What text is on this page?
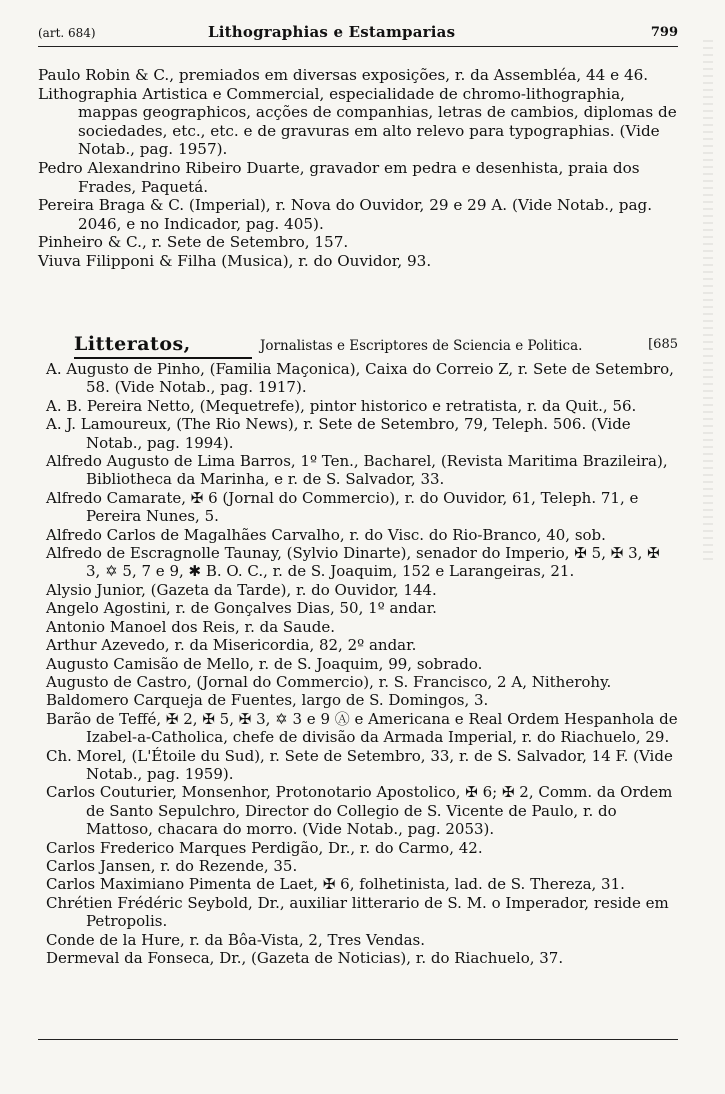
(art. 684)	Lithographias e Estamparias	799

Paulo Robin & C., premiados em diversas exposições, r. da Assembléa, 44 e 46.

Lithographia Artistica e Commercial, especialidade de chromo-lithographia, mappas geographicos, acções de companhias, letras de cambios, diplomas de sociedades, etc., etc. e de gravuras em alto relevo para typographias. (Vide Notab., pag. 1957).

Pedro Alexandrino Ribeiro Duarte, gravador em pedra e desenhista, praia dos Frades, Paquetá.

Pereira Braga & C. (Imperial), r. Nova do Ouvidor, 29 e 29 A. (Vide Notab., pag. 2046, e no Indicador, pag. 405).

Pinheiro & C., r. Sete de Setembro, 157.

Viuva Filipponi & Filha (Musica), r. do Ouvidor, 93.

Litteratos,	Jornalistas e Escriptores de Sciencia e Politica.	[685

A. Augusto de Pinho, (Familia Maçonica), Caixa do Correio Z, r. Sete de Setembro, 58. (Vide Notab., pag. 1917).

A. B. Pereira Netto, (Mequetrefe), pintor historico e retratista, r. da Quit., 56.

A. J. Lamoureux, (The Rio News), r. Sete de Setembro, 79, Teleph. 506. (Vide Notab., pag. 1994).

Alfredo Augusto de Lima Barros, 1º Ten., Bacharel, (Revista Maritima Brazileira), Bibliotheca da Marinha, e r. de S. Salvador, 33.

Alfredo Camarate, ✠ 6 (Jornal do Commercio), r. do Ouvidor, 61, Teleph. 71, e Pereira Nunes, 5.

Alfredo Carlos de Magalhães Carvalho, r. do Visc. do Rio-Branco, 40, sob.

Alfredo de Escragnolle Taunay, (Sylvio Dinarte), senador do Imperio, ✠ 5, ✠ 3, ✠ 3, ✡ 5, 7 e 9, ✱ B. O. C., r. de S. Joaquim, 152 e Larangeiras, 21.

Alysio Junior, (Gazeta da Tarde), r. do Ouvidor, 144.

Angelo Agostini, r. de Gonçalves Dias, 50, 1º andar.

Antonio Manoel dos Reis, r. da Saude.

Arthur Azevedo, r. da Misericordia, 82, 2º andar.

Augusto Camisão de Mello, r. de S. Joaquim, 99, sobrado.

Augusto de Castro, (Jornal do Commercio), r. S. Francisco, 2 A, Nitherohy.

Baldomero Carqueja de Fuentes, largo de S. Domingos, 3.

Barão de Teffé, ✠ 2, ✠ 5, ✠ 3, ✡ 3 e 9 Ⓐ e Americana e Real Ordem Hespanhola de Izabel-a-Catholica, chefe de divisão da Armada Imperial, r. do Riachuelo, 29.

Ch. Morel, (L'Étoile du Sud), r. Sete de Setembro, 33, r. de S. Salvador, 14 F. (Vide Notab., pag. 1959).

Carlos Couturier, Monsenhor, Protonotario Apostolico, ✠ 6; ✠ 2, Comm. da Ordem de Santo Sepulchro, Director do Collegio de S. Vicente de Paulo, r. do Mattoso, chacara do morro. (Vide Notab., pag. 2053).

Carlos Frederico Marques Perdigão, Dr., r. do Carmo, 42.

Carlos Jansen, r. do Rezende, 35.

Carlos Maximiano Pimenta de Laet, ✠ 6, folhetinista, lad. de S. Thereza, 31.

Chrétien Frédéric Seybold, Dr., auxiliar litterario de S. M. o Imperador, reside em Petropolis.

Conde de la Hure, r. da Bôa-Vista, 2, Tres Vendas.

Dermeval da Fonseca, Dr., (Gazeta de Noticias), r. do Riachuelo, 37.
